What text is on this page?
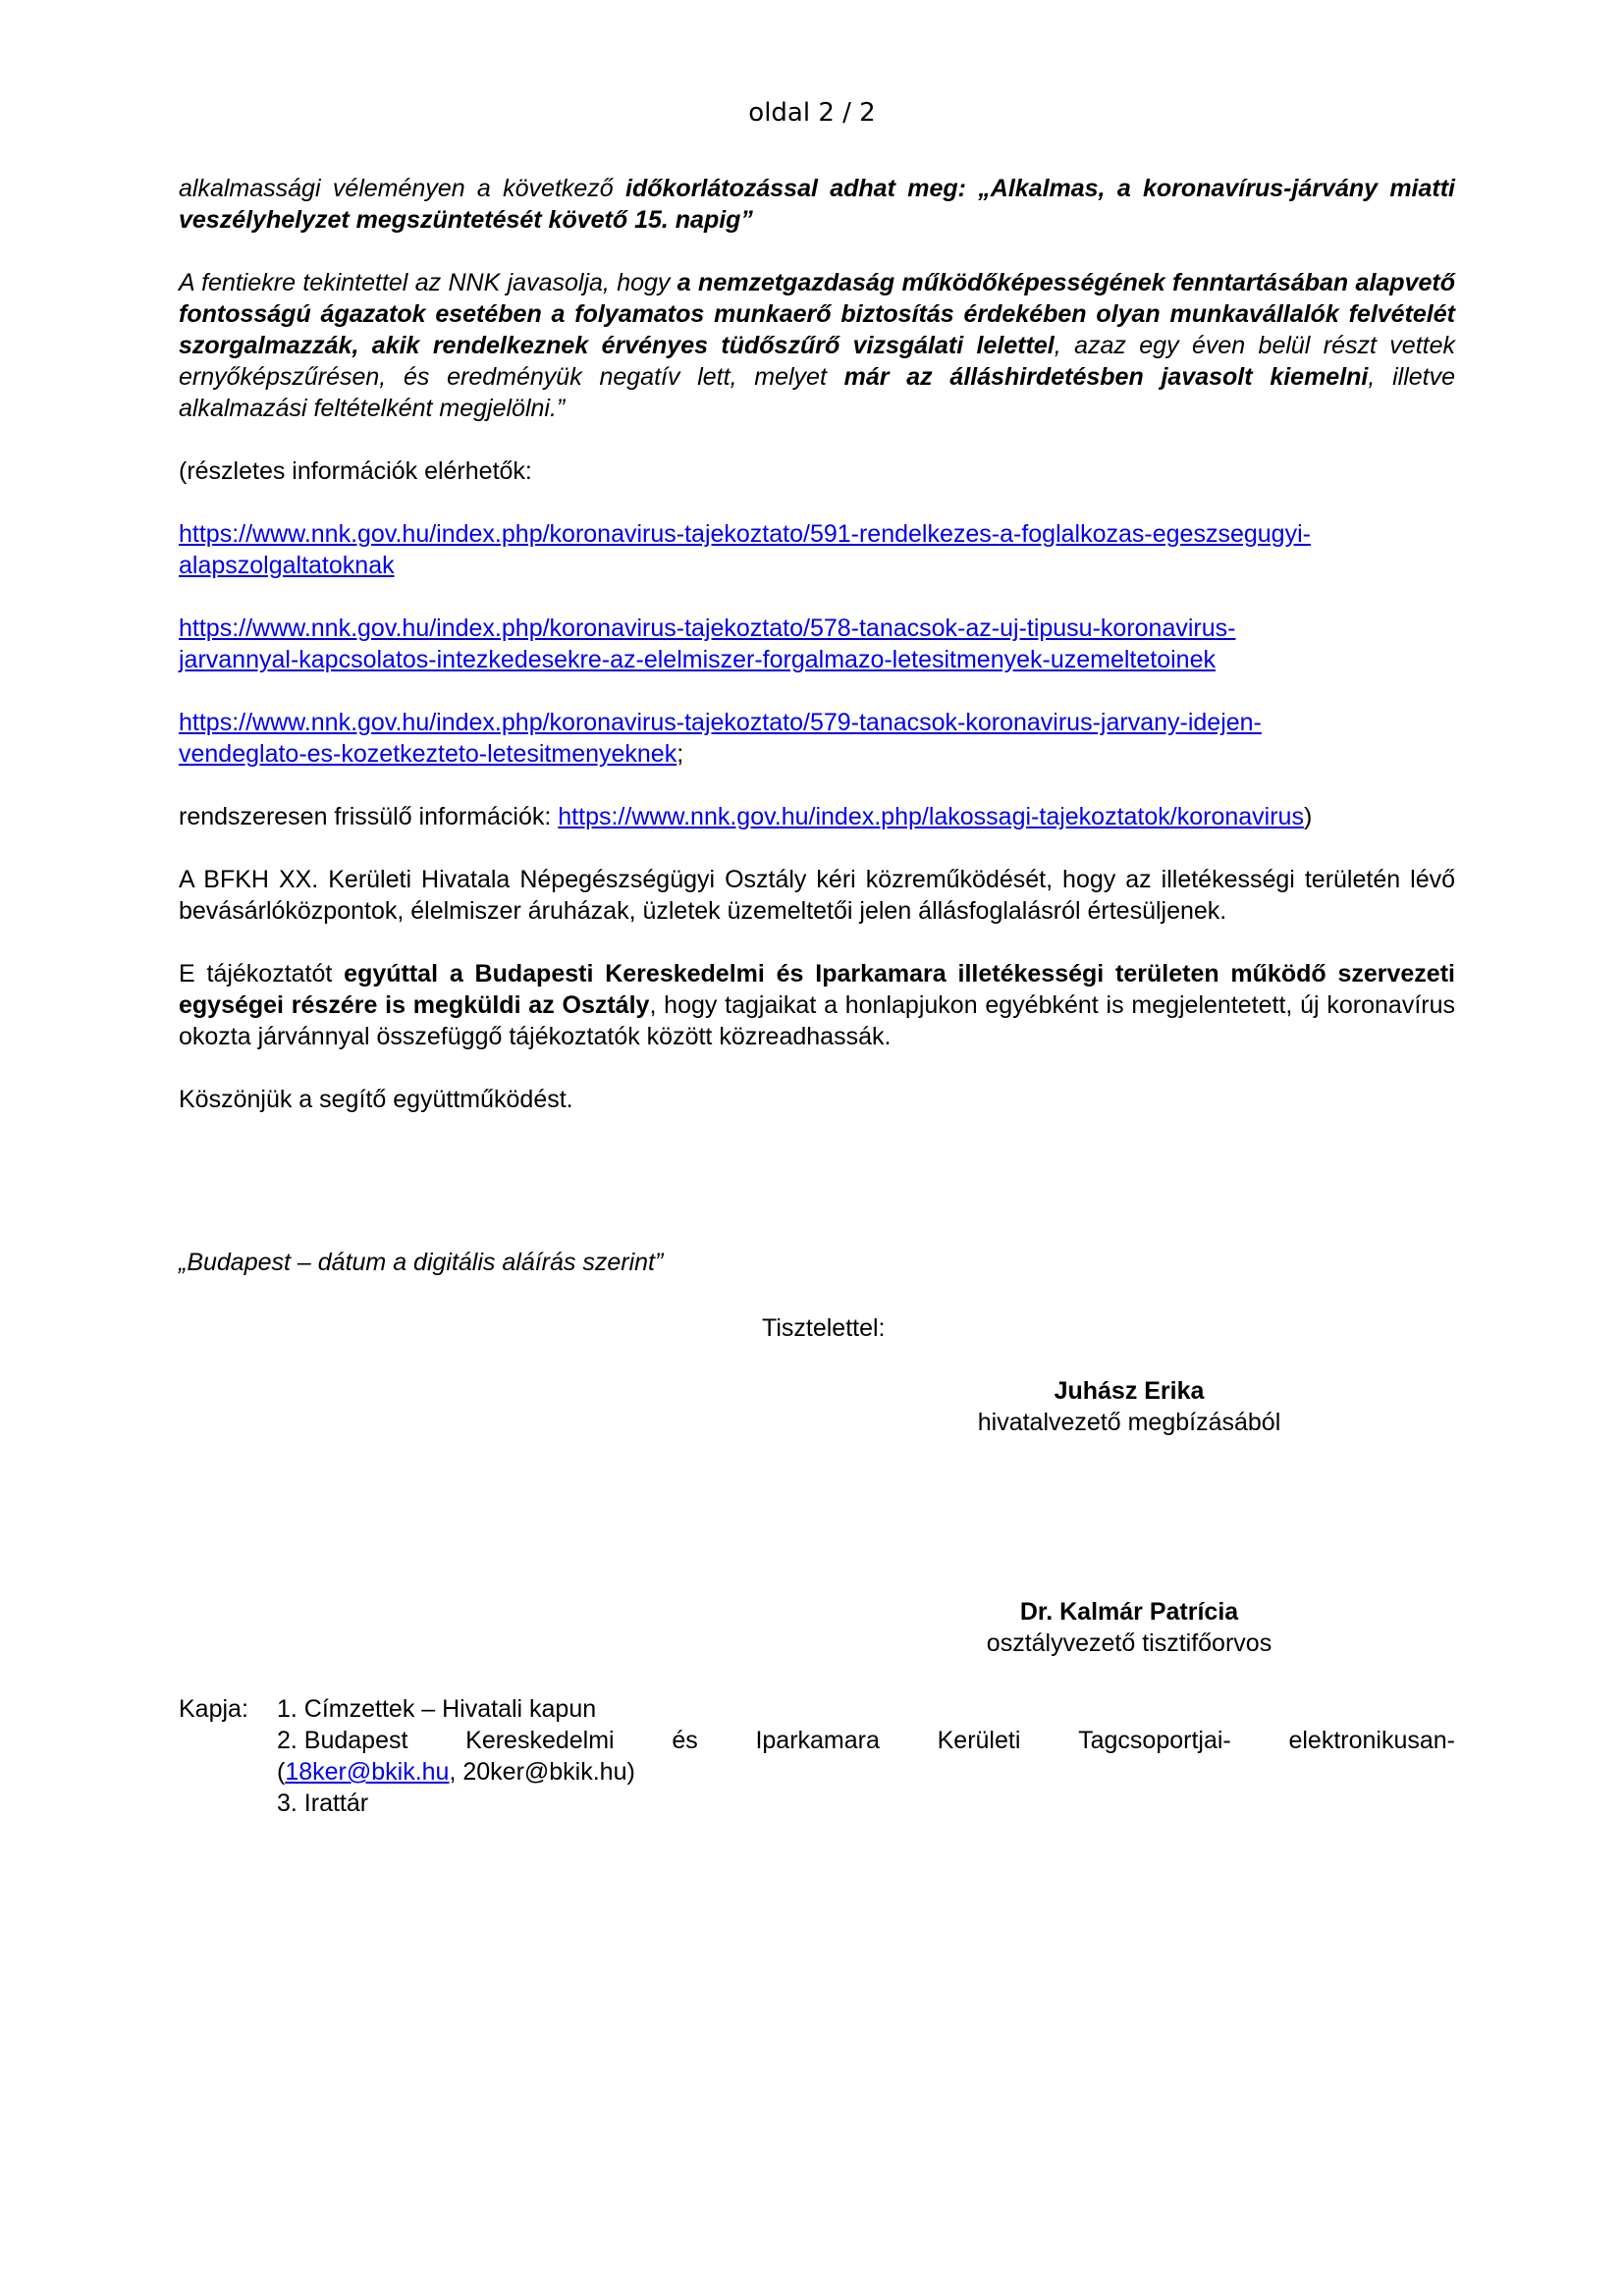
oldal 2 / 2

alkalmassági véleményen a következő időkorlátozással adhat meg: „Alkalmas, a koronavírus-járvány miatti veszélyhelyzet megszüntetését követő 15. napig”

A fentiekre tekintettel az NNK javasolja, hogy a nemzetgazdaság működőképességének fenntartásában alapvető fontosságú ágazatok esetében a folyamatos munkaerő biztosítás érdekében olyan munkavállalók felvételét szorgalmazzák, akik rendelkeznek érvényes tüdőszűrő vizsgálati lelettel, azaz egy éven belül részt vettek ernyőképszűrésen, és eredményük negatív lett, melyet már az álláshirdetésben javasolt kiemelni, illetve alkalmazási feltételként megjelölni.”

(részletes információk elérhetők:

https://www.nnk.gov.hu/index.php/koronavirus-tajekoztato/591-rendelkezes-a-foglalkozas-egeszsegugyi-
alapszolgaltatoknak

https://www.nnk.gov.hu/index.php/koronavirus-tajekoztato/578-tanacsok-az-uj-tipusu-koronavirus-
jarvannyal-kapcsolatos-intezkedesekre-az-elelmiszer-forgalmazo-letesitmenyek-uzemeltetoinek

https://www.nnk.gov.hu/index.php/koronavirus-tajekoztato/579-tanacsok-koronavirus-jarvany-idejen-
vendeglato-es-kozetkezteto-letesitmenyeknek;

rendszeresen frissülő információk: https://www.nnk.gov.hu/index.php/lakossagi-tajekoztatok/koronavirus)

A BFKH XX. Kerületi Hivatala Népegészségügyi Osztály kéri közreműködését, hogy az illetékességi területén lévő bevásárlóközpontok, élelmiszer áruházak, üzletek üzemeltetői jelen állásfoglalásról értesüljenek.

E tájékoztatót egyúttal a Budapesti Kereskedelmi és Iparkamara illetékességi területen működő szervezeti egységei részére is megküldi az Osztály, hogy tagjaikat a honlapjukon egyébként is megjelentetett, új koronavírus okozta járvánnyal összefüggő tájékoztatók között közreadhassák.

Köszönjük a segítő együttműködést.

„Budapest – dátum a digitális aláírás szerint”
Tisztelettel:
Juhász Erika
hivatalvezető megbízásából
Dr. Kalmár Patrícia
osztályvezető tisztifőorvos
Kapja: 1. Címzettek – Hivatali kapun
2. Budapest Kereskedelmi és Iparkamara Kerületi Tagcsoportjai- elektronikusan-
(18ker@bkik.hu, 20ker@bkik.hu)
3. Irattár
